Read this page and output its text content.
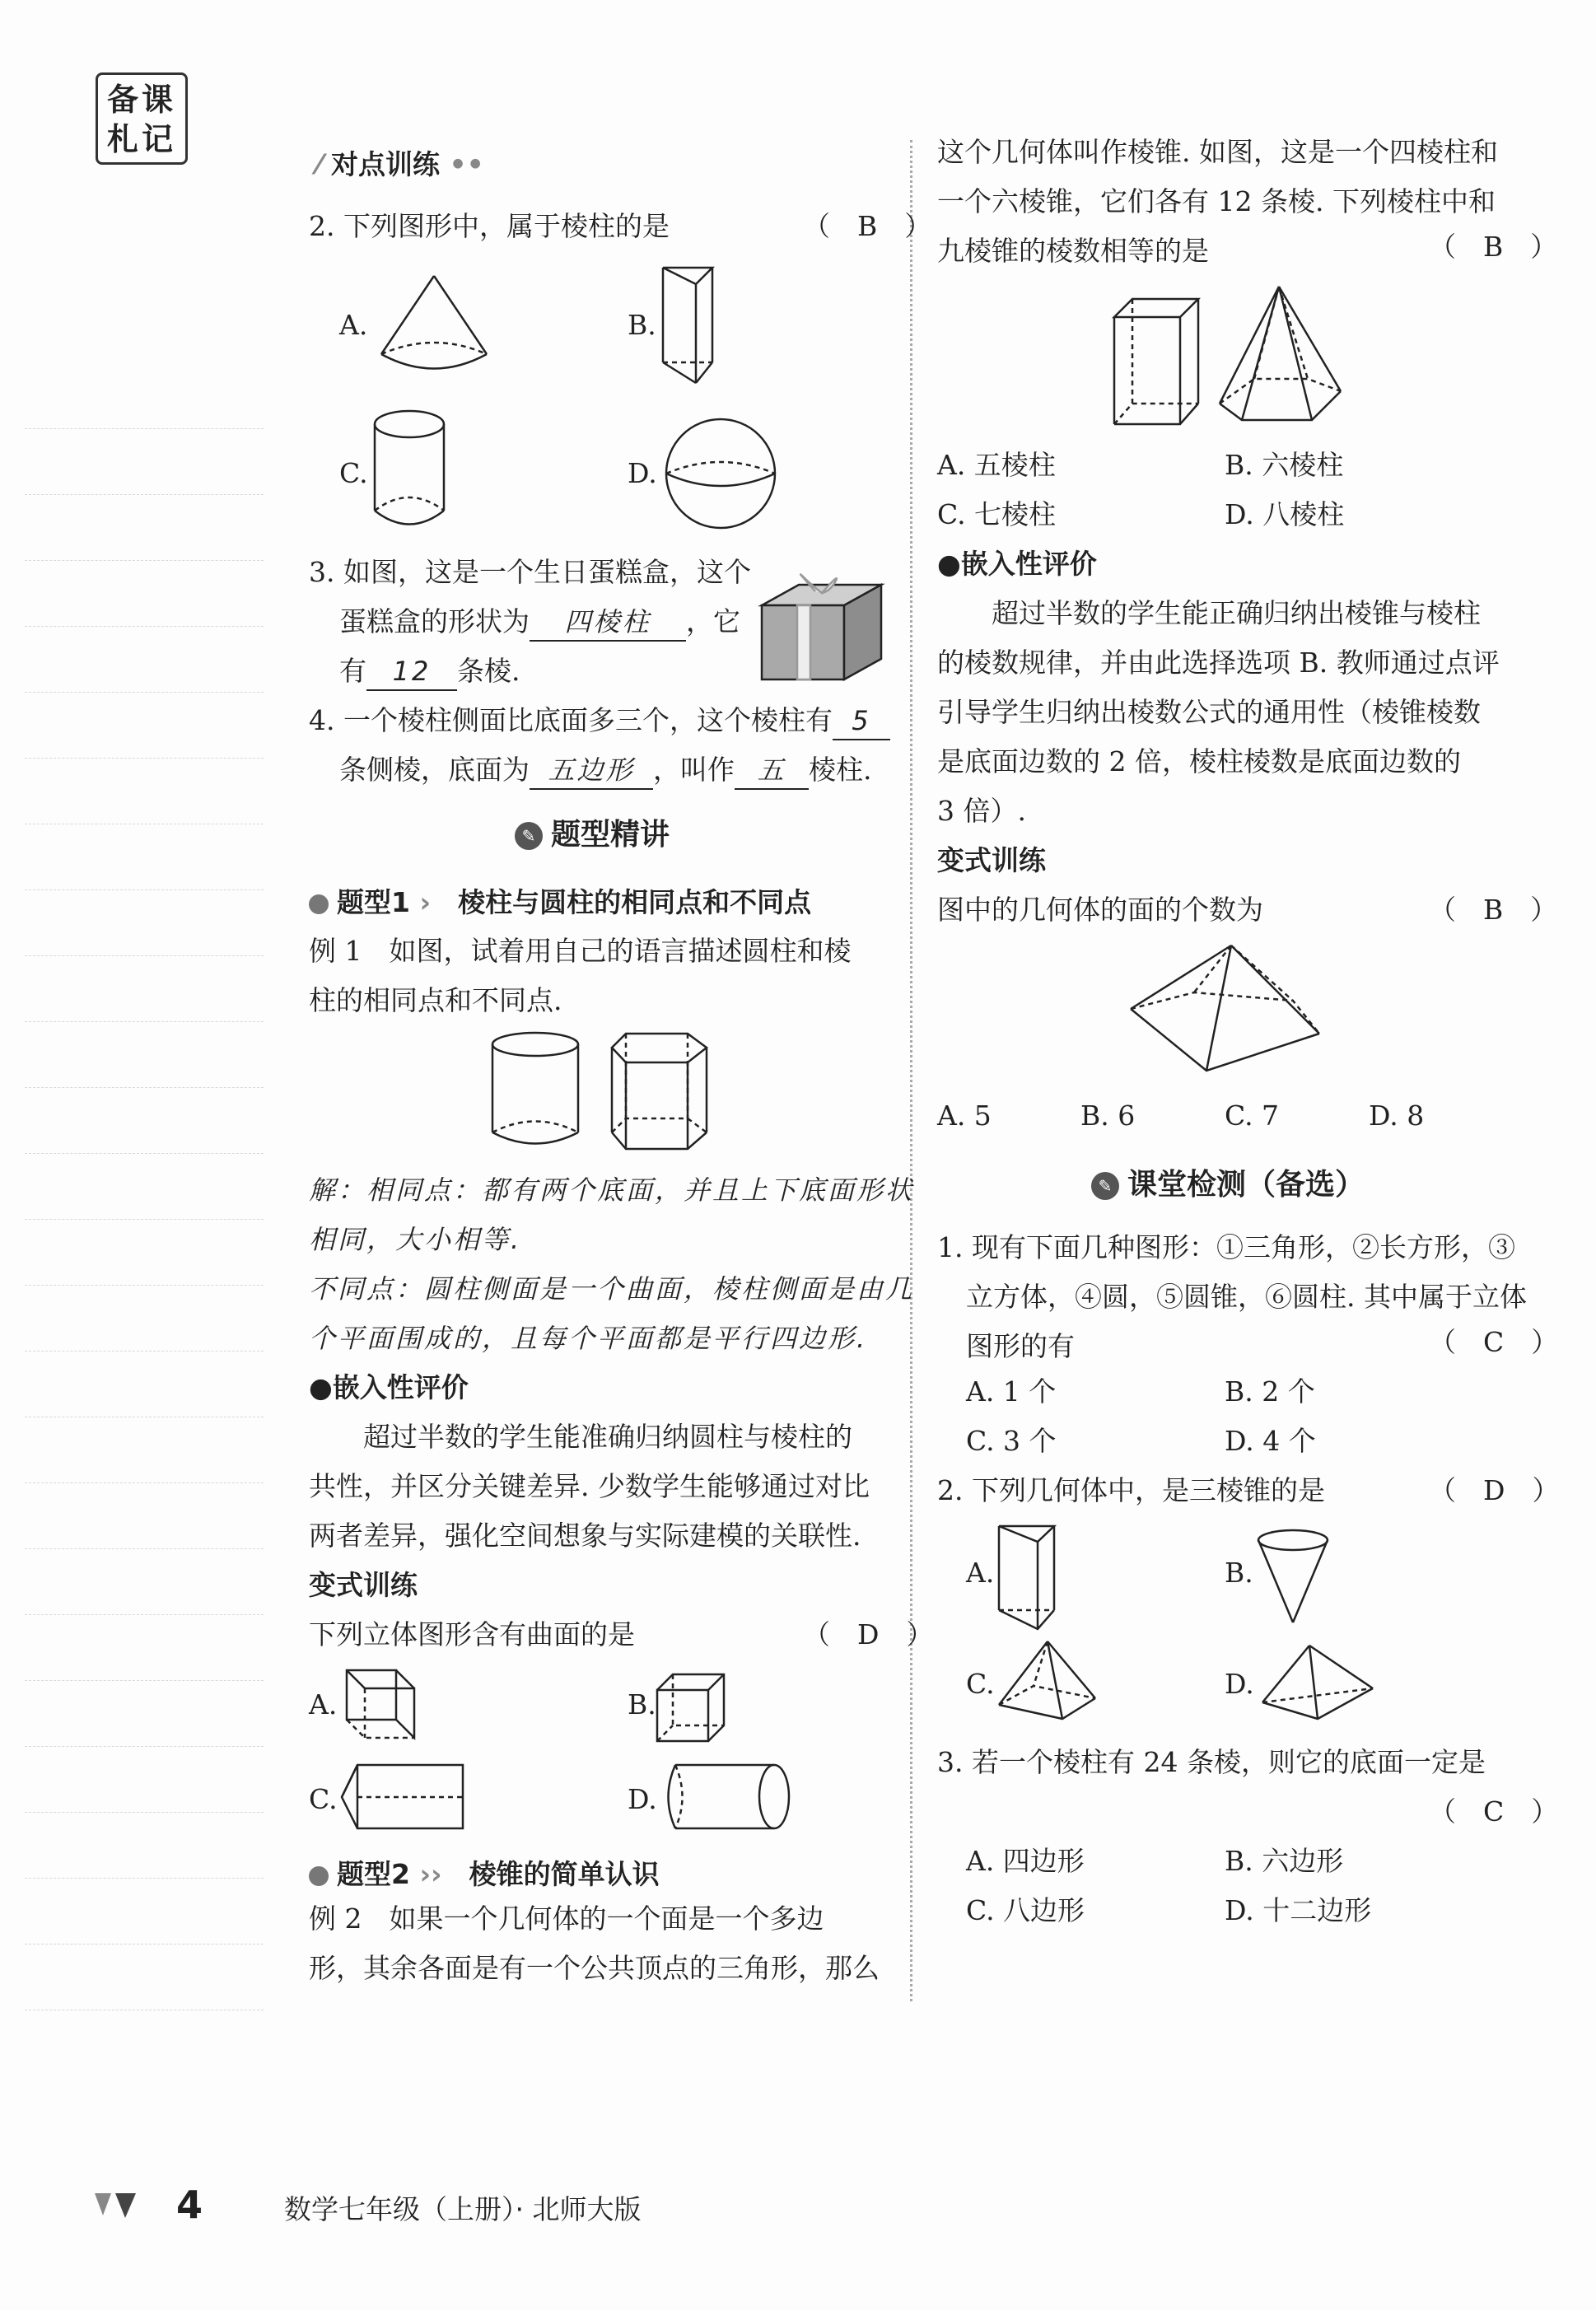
备课
札记
⁄ 对点训练 ••
2. 下列图形中，属于棱柱的是	（　B　）
A.	B.
C.	D.
3. 如图，这是一个生日蛋糕盒，这个
蛋糕盒的形状为 四棱柱 ，它
有 12 条棱.
4. 一个棱柱侧面比底面多三个，这个棱柱有 5
条侧棱，底面为 五边形 ，叫作 五 棱柱.
✎ 题型精讲
题型1 ›　棱柱与圆柱的相同点和不同点
例 1　如图，试着用自己的语言描述圆柱和棱
柱的相同点和不同点.
解：相同点：都有两个底面，并且上下底面形状
相同，大小相等.
不同点：圆柱侧面是一个曲面，棱柱侧面是由几
个平面围成的，且每个平面都是平行四边形.
●嵌入性评价
　　超过半数的学生能准确归纳圆柱与棱柱的
共性，并区分关键差异. 少数学生能够通过对比
两者差异，强化空间想象与实际建模的关联性.
变式训练
下列立体图形含有曲面的是	（　D　）
A.	B.
C.	D.
题型2 ››　棱锥的简单认识
例 2　如果一个几何体的一个面是一个多边
形，其余各面是有一个公共顶点的三角形，那么
这个几何体叫作棱锥. 如图，这是一个四棱柱和
一个六棱锥，它们各有 12 条棱. 下列棱柱中和
九棱锥的棱数相等的是	（　B　）
A. 五棱柱	B. 六棱柱
C. 七棱柱	D. 八棱柱
●嵌入性评价
　　超过半数的学生能正确归纳出棱锥与棱柱
的棱数规律，并由此选择选项 B. 教师通过点评
引导学生归纳出棱数公式的通用性（棱锥棱数
是底面边数的 2 倍，棱柱棱数是底面边数的
3 倍）.
变式训练
图中的几何体的面的个数为	（　B　）
A. 5	B. 6	C. 7	D. 8
✎ 课堂检测（备选）
1. 现有下面几种图形：①三角形，②长方形，③
立方体，④圆，⑤圆锥，⑥圆柱. 其中属于立体
图形的有	（　C　）
A. 1 个	B. 2 个
C. 3 个	D. 4 个
2. 下列几何体中，是三棱锥的是	（　D　）
A.	B.
C.	D.
3. 若一个棱柱有 24 条棱，则它的底面一定是
（　C　）
A. 四边形	B. 六边形
C. 八边形	D. 十二边形
4	数学七年级（上册）· 北师大版
